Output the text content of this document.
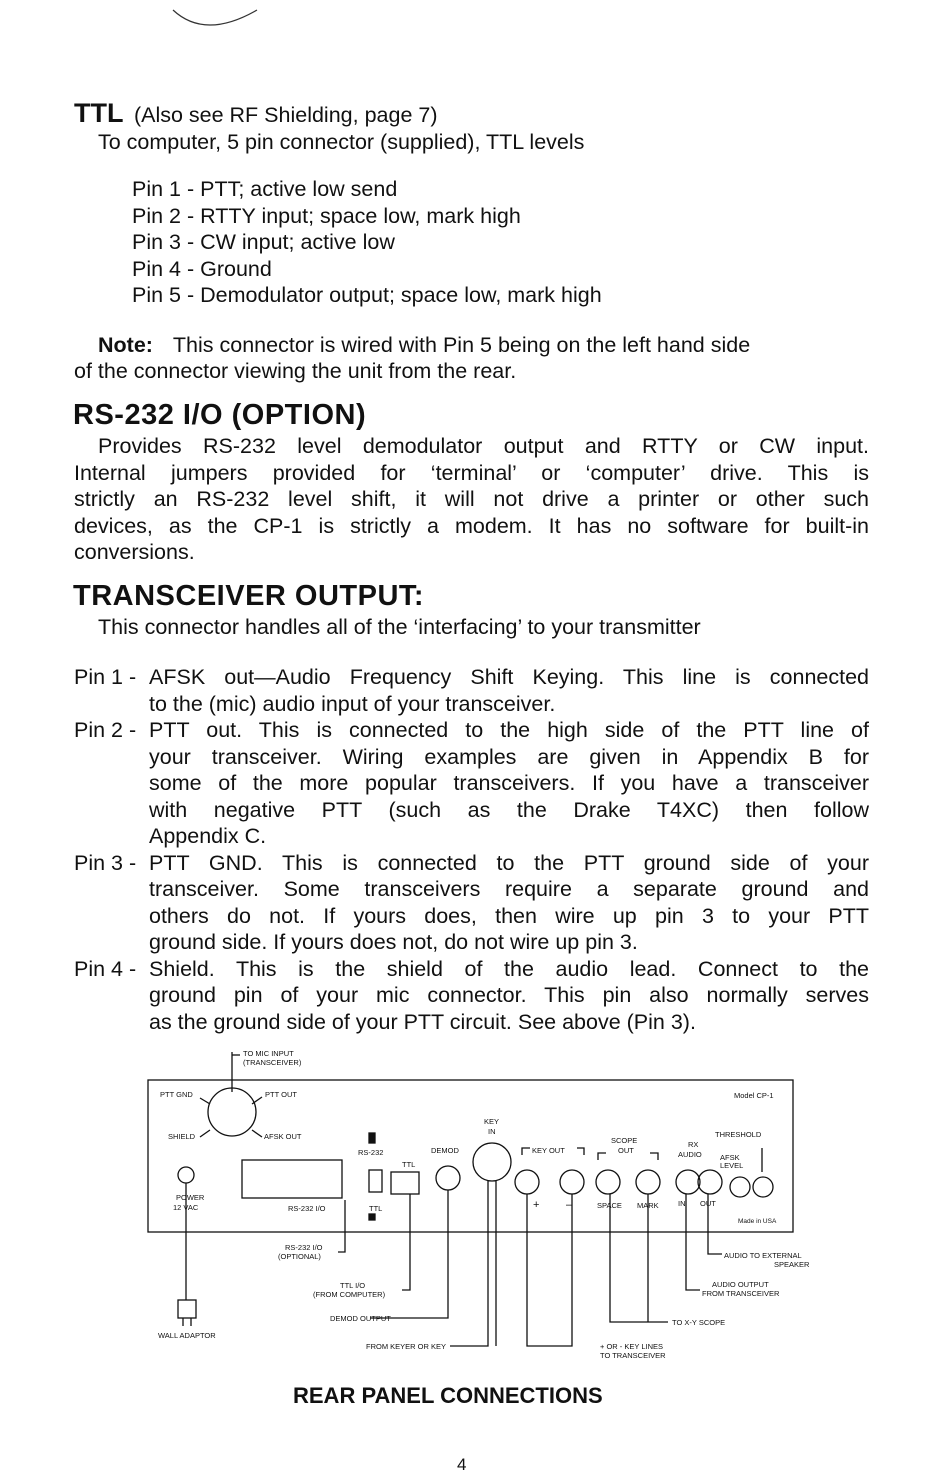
TTL (Also see RF Shielding, page 7)
To computer, 5 pin connector (supplied), TTL levels
Pin 1 - PTT; active low send
Pin 2 - RTTY input; space low, mark high
Pin 3 - CW input; active low
Pin 4 - Ground
Pin 5 - Demodulator output; space low, mark high
Note: This connector is wired with Pin 5 being on the left hand side
of the connector viewing the unit from the rear.
RS-232 I/O (OPTION)
Provides RS-232 level demodulator output and RTTY or CW input.
Internal jumpers provided for ‘terminal’ or ‘computer’ drive. This is
strictly an RS-232 level shift, it will not drive a printer or other such
devices, as the CP-1 is strictly a modem. It has no software for built-in
conversions.
TRANSCEIVER OUTPUT:
This connector handles all of the ‘interfacing’ to your transmitter
Pin 1 - AFSK out—Audio Frequency Shift Keying. This line is connected
to the (mic) audio input of your transceiver.
Pin 2 - PTT out. This is connected to the high side of the PTT line of
your transceiver. Wiring examples are given in Appendix B for
some of the more popular transceivers. If you have a transceiver
with negative PTT (such as the Drake T4XC) then follow
Appendix C.
Pin 3 - PTT GND. This is connected to the PTT ground side of your
transceiver. Some transceivers require a separate ground and
others do not. If yours does, then wire up pin 3 to your PTT
ground side. If yours does not, do not wire up pin 3.
Pin 4 - Shield. This is the shield of the audio lead. Connect to the
ground pin of your mic connector. This pin also normally serves
as the ground side of your PTT circuit. See above (Pin 3).
TO MIC INPUT
(TRANSCEIVER)
PTT GND	PTT OUT
SHIELD	AFSK OUT
POWER
12 VAC
RS-232
RS-232 I/O
TTL
TTL
DEMOD
KEY
IN
KEY OUT
SCOPE
OUT
RX
AUDIO
THRESHOLD
AFSK
LEVEL
Model CP-1
+ –	SPACE MARK	IN OUT
Made in USA
RS-232 I/O
(OPTIONAL)
TTL I/O
(FROM COMPUTER)
DEMOD OUTPUT
FROM KEYER OR KEY
WALL ADAPTOR
AUDIO TO EXTERNAL
SPEAKER
AUDIO OUTPUT
FROM TRANSCEIVER
TO X-Y SCOPE
+ OR - KEY LINES
TO TRANSCEIVER
REAR PANEL CONNECTIONS
4
